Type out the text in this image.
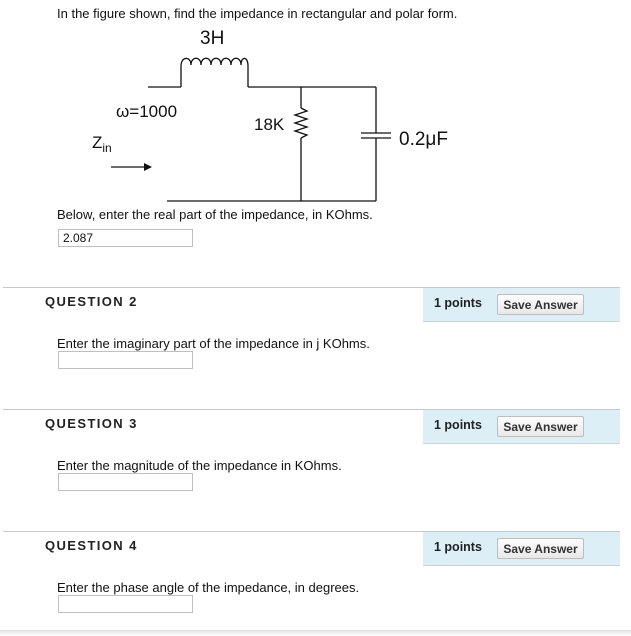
In the figure shown, find the impedance in rectangular and polar form.
3H
ω=1000
18K
0.2μF
$Z_{in}$
Below, enter the real part of the impedance, in KOhms.
2.087
QUESTION 2	1 points	Save Answer
Enter the imaginary part of the impedance in j KOhms.
QUESTION 3	1 points	Save Answer
Enter the magnitude of the impedance in KOhms.
QUESTION 4	1 points	Save Answer
Enter the phase angle of the impedance, in degrees.
